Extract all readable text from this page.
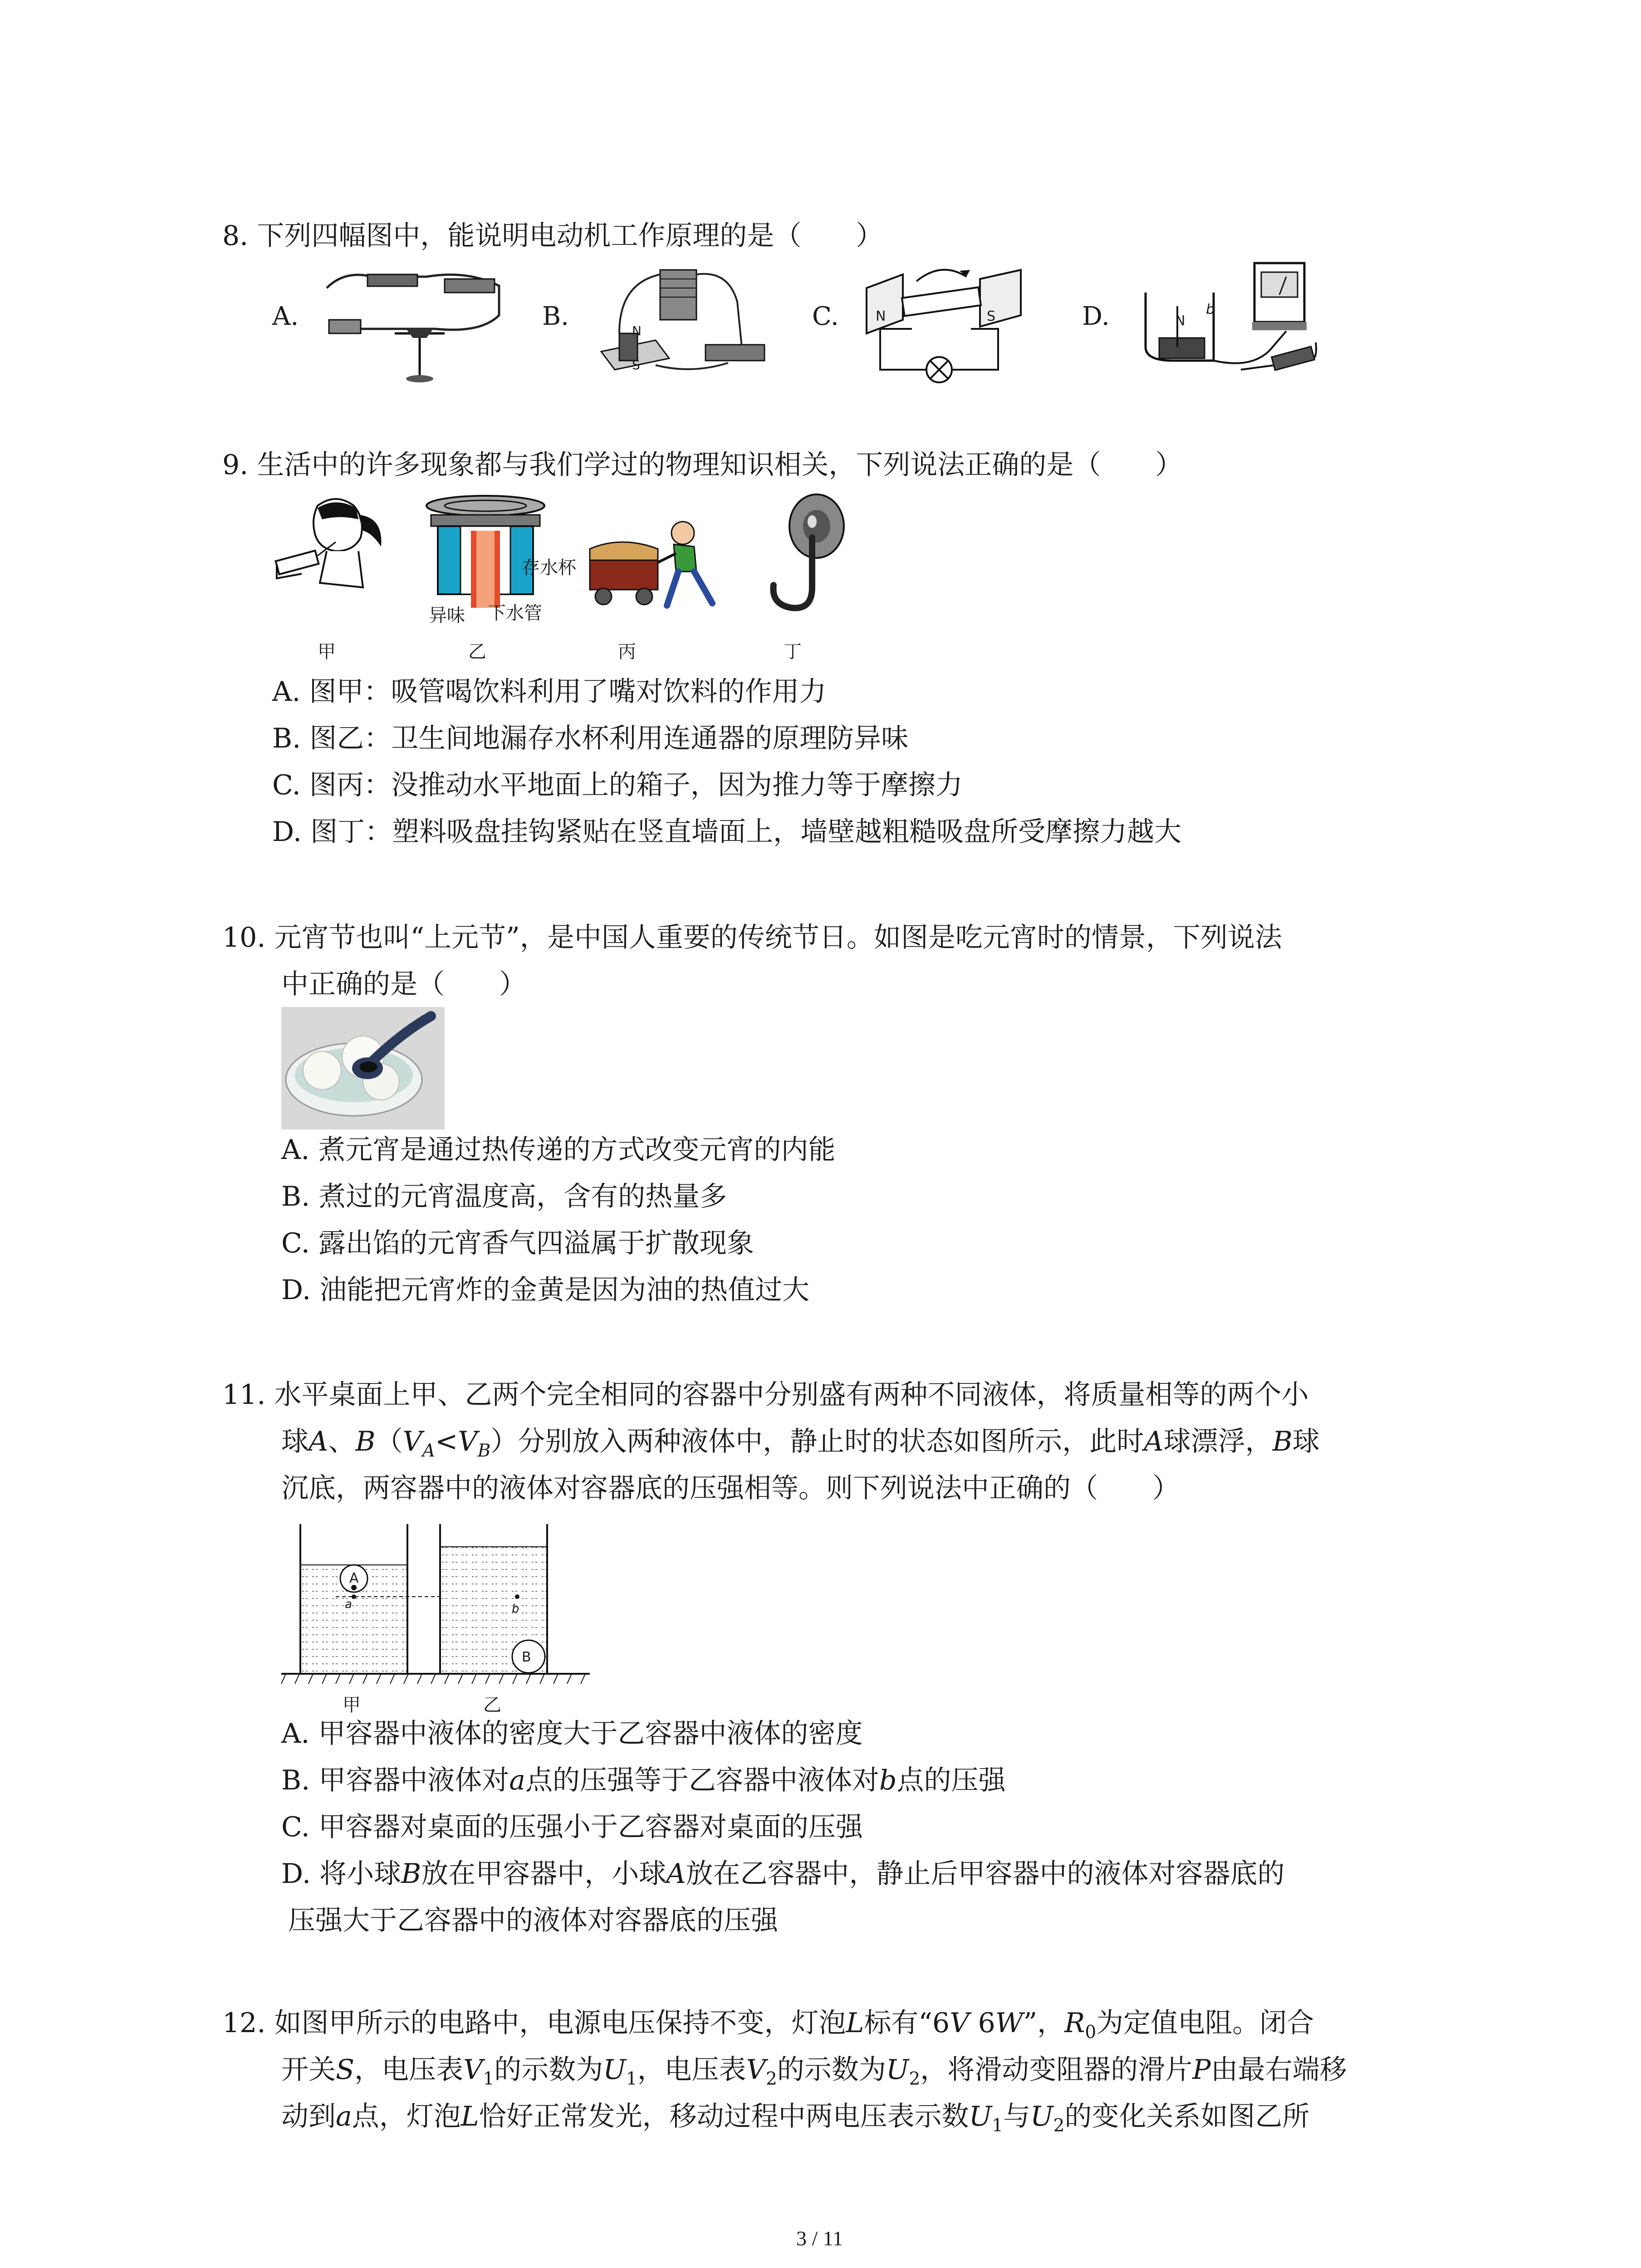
8. 下列四幅图中，能说明电动机工作原理的是（　　）
A.	B.	N
S
C.	N	S	D.	N
b
9. 生活中的许多现象都与我们学过的物理知识相关，下列说法正确的是（　　）
存水杯
异味 下水管
甲	乙	丙	丁
A. 图甲：吸管喝饮料利用了嘴对饮料的作用力
B. 图乙：卫生间地漏存水杯利用连通器的原理防异味
C. 图丙：没推动水平地面上的箱子，因为推力等于摩擦力
D. 图丁：塑料吸盘挂钩紧贴在竖直墙面上，墙壁越粗糙吸盘所受摩擦力越大
10. 元宵节也叫“上元节”，是中国人重要的传统节日。如图是吃元宵时的情景，下列说法
中正确的是（　　）
A. 煮元宵是通过热传递的方式改变元宵的内能
B. 煮过的元宵温度高，含有的热量多
C. 露出馅的元宵香气四溢属于扩散现象
D. 油能把元宵炸的金黄是因为油的热值过大
11. 水平桌面上甲、乙两个完全相同的容器中分别盛有两种不同液体，将质量相等的两个小
球A、$B(V_A<V_B)$分别放入两种液体中，静止时的状态如图所示，此时A球漂浮，B球
沉底，两容器中的液体对容器底的压强相等。则下列说法中正确的（　　）
A
B
a	b
甲	乙
A. 甲容器中液体的密度大于乙容器中液体的密度
B. 甲容器中液体对a点的压强等于乙容器中液体对b点的压强
C. 甲容器对桌面的压强小于乙容器对桌面的压强
D. 将小球B放在甲容器中，小球A放在乙容器中，静止后甲容器中的液体对容器底的
压强大于乙容器中的液体对容器底的压强
12. 如图甲所示的电路中，电源电压保持不变，灯泡L标有“6V 6W”，$R_0$为定值电阻。闭合
开关S，电压表$V_1$的示数为$U_1$，电压表$V_2$的示数为$U_2$，将滑动变阻器的滑片P由最右端移
动到a点，灯泡L恰好正常发光，移动过程中两电压表示数$U_1$与$U_2$的变化关系如图乙所
3 / 11
